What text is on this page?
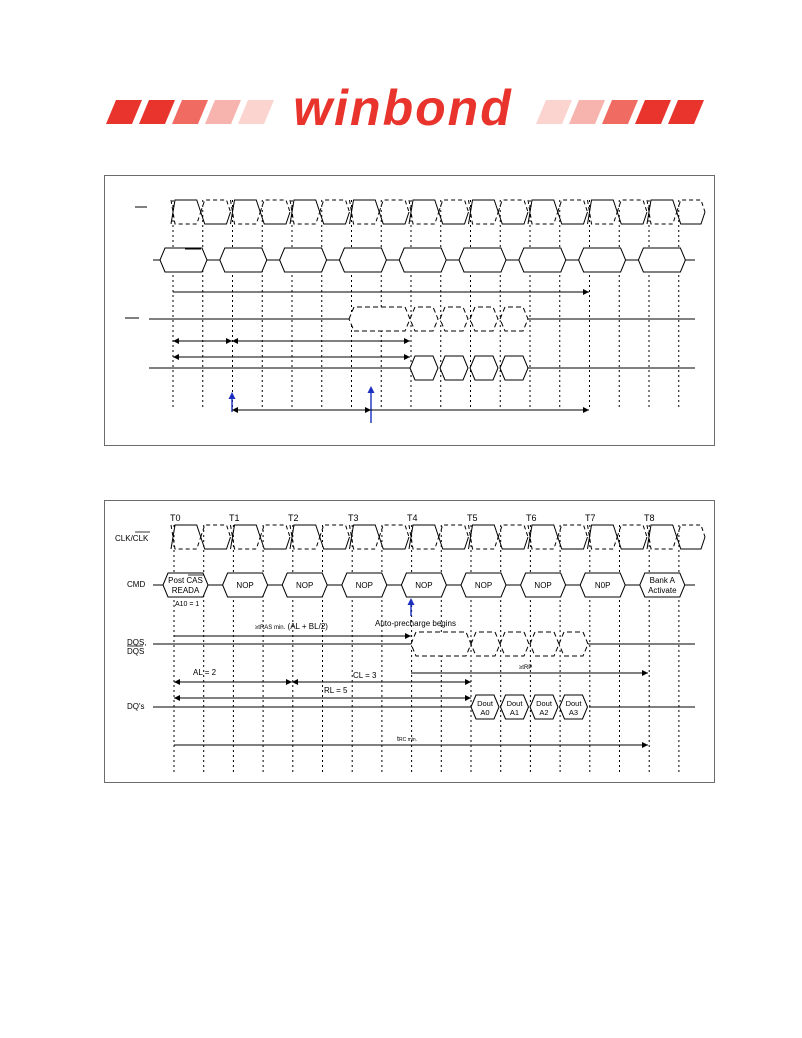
winbond
T0	T1	T2	T3	T4	T5	T6	T7	T8
CLK/CLK
CMD
DQS,
DQS
DQ's
Post CAS
READA
NOP	NOP	NOP	NOP	NOP	NOP	N0P
Bank A
Activate
A10 = 1
Auto-precharge begins
≥tRAS min. (AL + BL/2)
≥tRP
AL = 2	CL = 3
RL = 5
Dout
A0
Dout
A1
Dout
A2
Dout
A3
tRC min.
